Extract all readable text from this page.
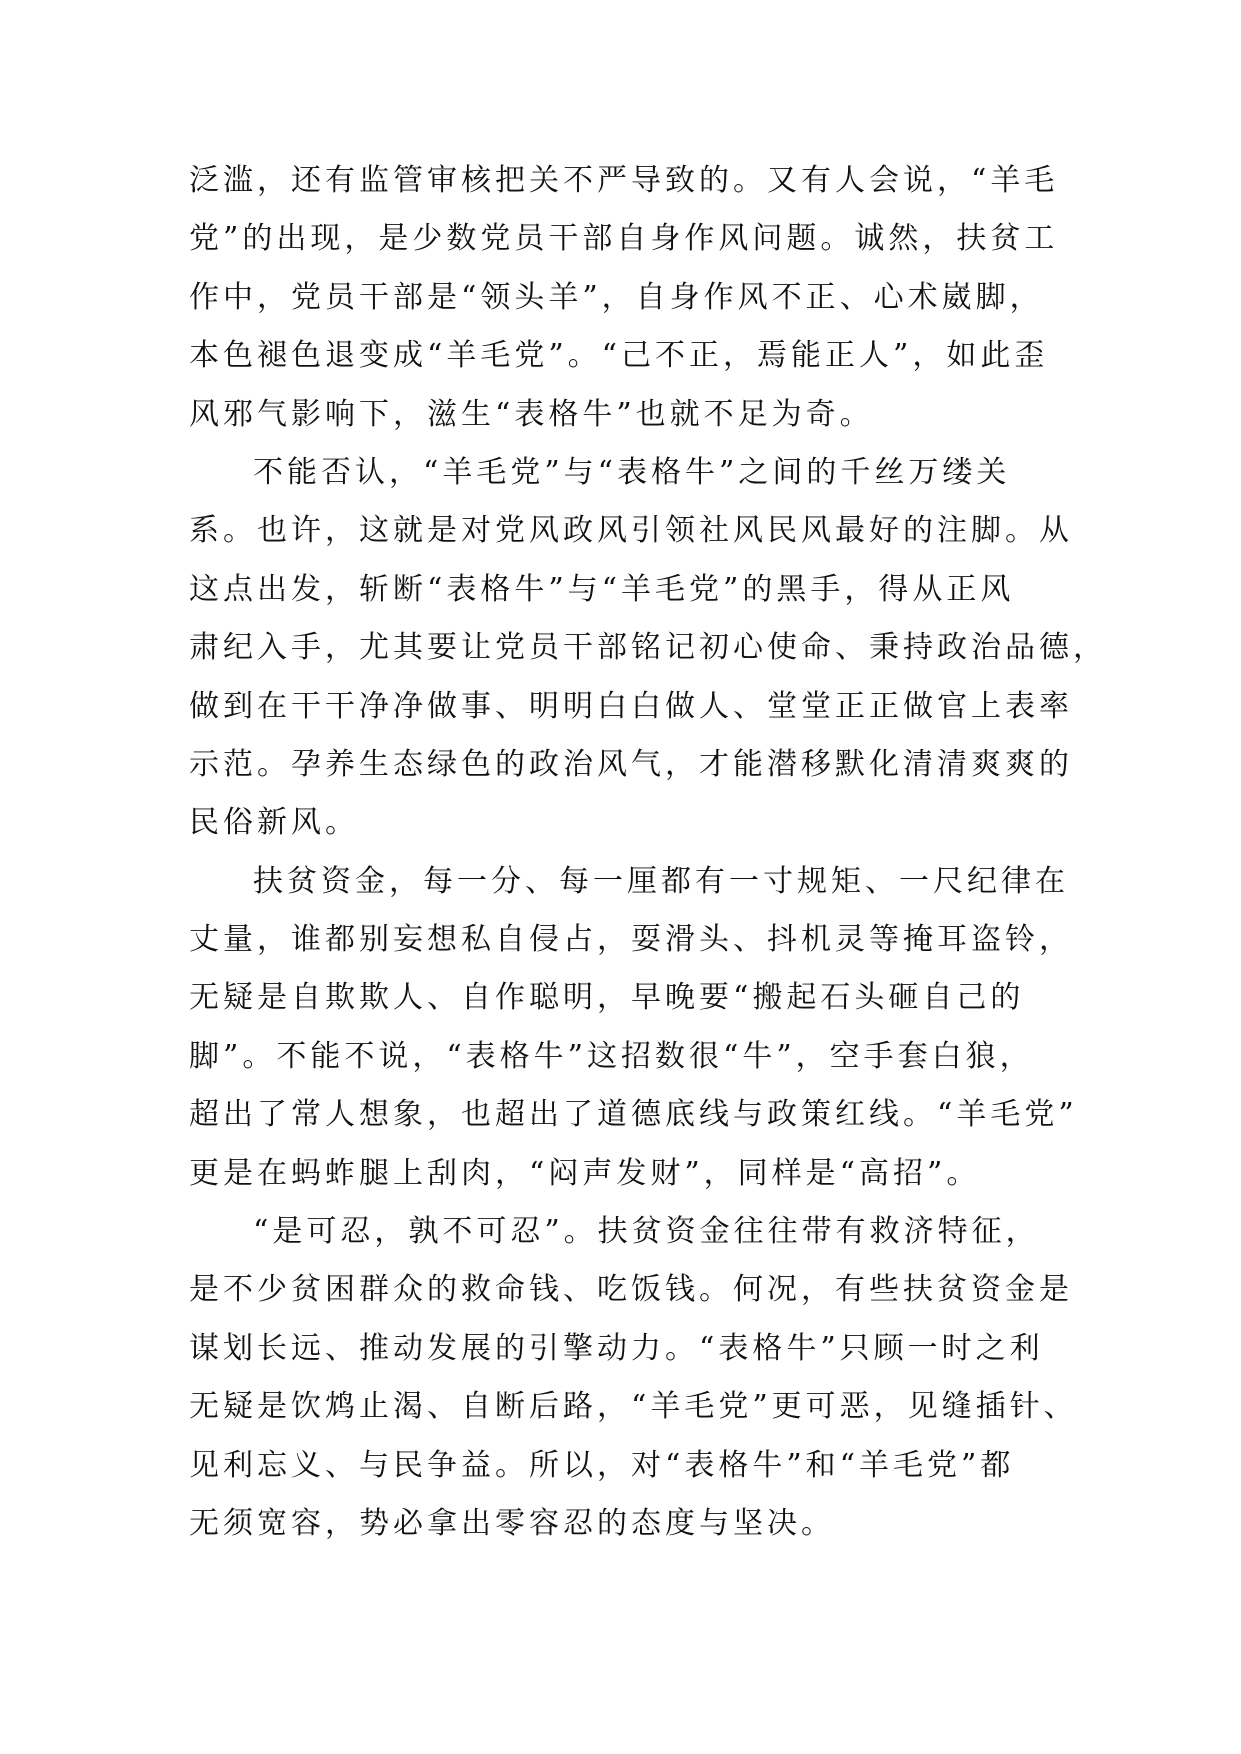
泛滥，还有监管审核把关不严导致的。又有人会说，“羊毛
党”的出现，是少数党员干部自身作风问题。诚然，扶贫工
作中，党员干部是“领头羊”，自身作风不正、心术崴脚，
本色褪色退变成“羊毛党”。“己不正，焉能正人”，如此歪
风邪气影响下，滋生“表格牛”也就不足为奇。
不能否认，“羊毛党”与“表格牛”之间的千丝万缕关
系。也许，这就是对党风政风引领社风民风最好的注脚。从
这点出发，斩断“表格牛”与“羊毛党”的黑手，得从正风
肃纪入手，尤其要让党员干部铭记初心使命、秉持政治品德，
做到在干干净净做事、明明白白做人、堂堂正正做官上表率
示范。孕养生态绿色的政治风气，才能潜移默化清清爽爽的
民俗新风。
扶贫资金，每一分、每一厘都有一寸规矩、一尺纪律在
丈量，谁都别妄想私自侵占，耍滑头、抖机灵等掩耳盗铃，
无疑是自欺欺人、自作聪明，早晚要“搬起石头砸自己的
脚”。不能不说，“表格牛”这招数很“牛”，空手套白狼，
超出了常人想象，也超出了道德底线与政策红线。“羊毛党”
更是在蚂蚱腿上刮肉，“闷声发财”，同样是“高招”。
“是可忍，孰不可忍”。扶贫资金往往带有救济特征，
是不少贫困群众的救命钱、吃饭钱。何况，有些扶贫资金是
谋划长远、推动发展的引擎动力。“表格牛”只顾一时之利
无疑是饮鸩止渴、自断后路，“羊毛党”更可恶，见缝插针、
见利忘义、与民争益。所以，对“表格牛”和“羊毛党”都
无须宽容，势必拿出零容忍的态度与坚决。
